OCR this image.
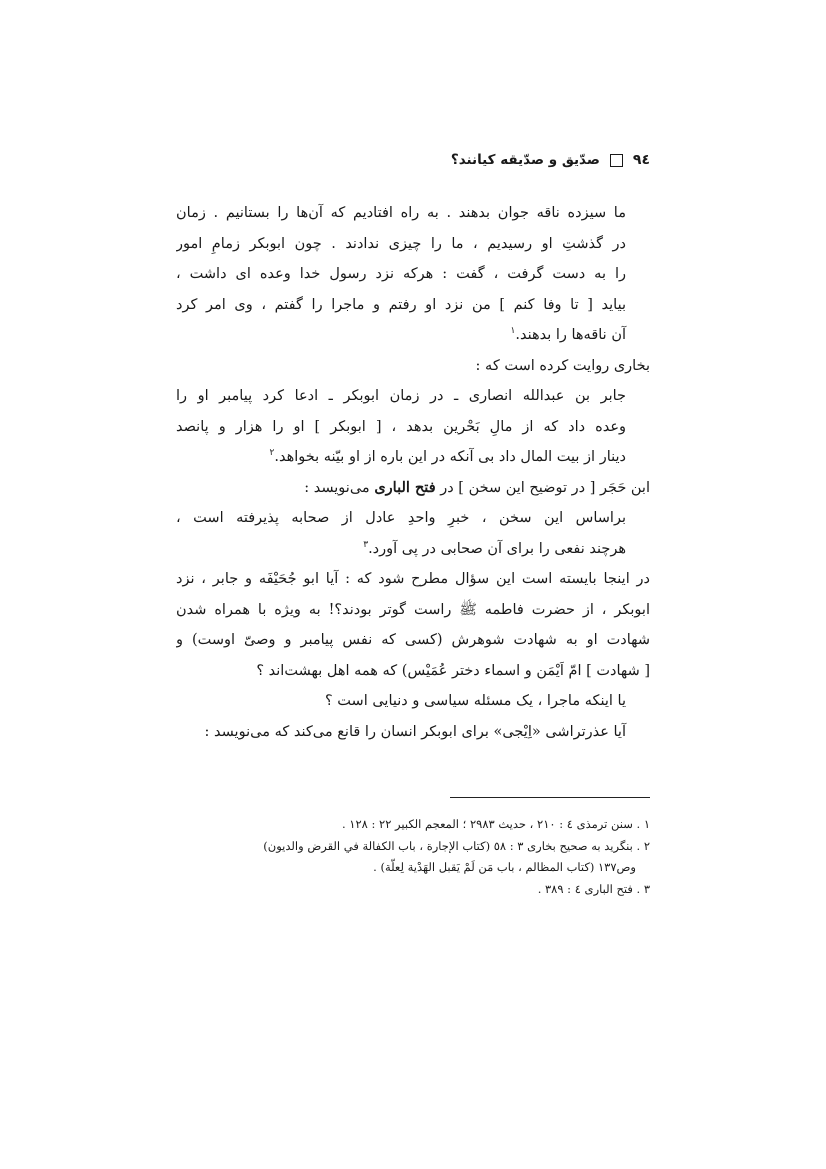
٩٤
صدّیق و صدّیقه کیانند؟
ما سیزده ناقه جوان بدهند . به راه افتادیم که آن‌ها را بستانیم . زمان
در گذشتِ او رسیدیم ، ما را چیزی ندادند . چون ابوبکر زمامِ امور
را به دست گرفت ، گفت : هرکه نزد رسول خدا وعده ای داشت ،
بیاید [ تا وفا کنم ] من نزد او رفتم و ماجرا را گفتم ، وی امر کرد
آن ناقه‌ها را بدهند.$^١$
بخاری روایت کرده است که :
جابر بن عبدالله انصاری ـ در زمان ابوبکر ـ ادعا کرد پیامبر او را
وعده داد که از مالِ بَحْرین بدهد ، [ ابوبکر ] او را هزار و پانصد
دینار از بیت المال داد بی آنکه در این باره از او بیّنه بخواهد.$^٢$
ابن حَجَر [ در توضیح این سخن ] در فتح الباری می‌نویسد :
براساس این سخن ، خبرِ واحدِ عادل از صحابه پذیرفته است ،
هرچند نفعی را برای آن صحابی در پی آورد.$^٣$
در اینجا بایسته است این سؤال مطرح شود که : آیا ابو جُحَیْفَه و جابر ، نزد
ابوبکر ، از حضرت فاطمه ﷺ راست گوتر بودند؟! به ویژه با همراه شدن
شهادت او به شهادت شوهرش (کسی که نفس پیامبر و وصیّ اوست) و
[ شهادت ] امّ اَیْمَن و اسماء دختر عُمَیْس) که همه اهل بهشت‌اند ؟
یا اینکه ماجرا ، یک مسئله سیاسی و دنیایی است ؟
آیا عذرتراشی «اِیْجی» برای ابوبکر انسان را قانع می‌کند که می‌نویسد :
١ . سنن ترمذی ٤ : ٢١٠ ، حدیث ٢٩٨٣ ؛ المعجم الکبیر ٢٢ : ١٢٨ .
٢ . بنگرید به صحیح بخاری ٣ : ٥٨ (کتاب الإجارة ، باب الکفالة في القرض والدیون)
وص١٣٧ (کتاب المظالم ، باب مَن لَمْ یَقبل الهَدْیة لِعلّة) .
٣ . فتح الباری ٤ : ٣٨٩ .
